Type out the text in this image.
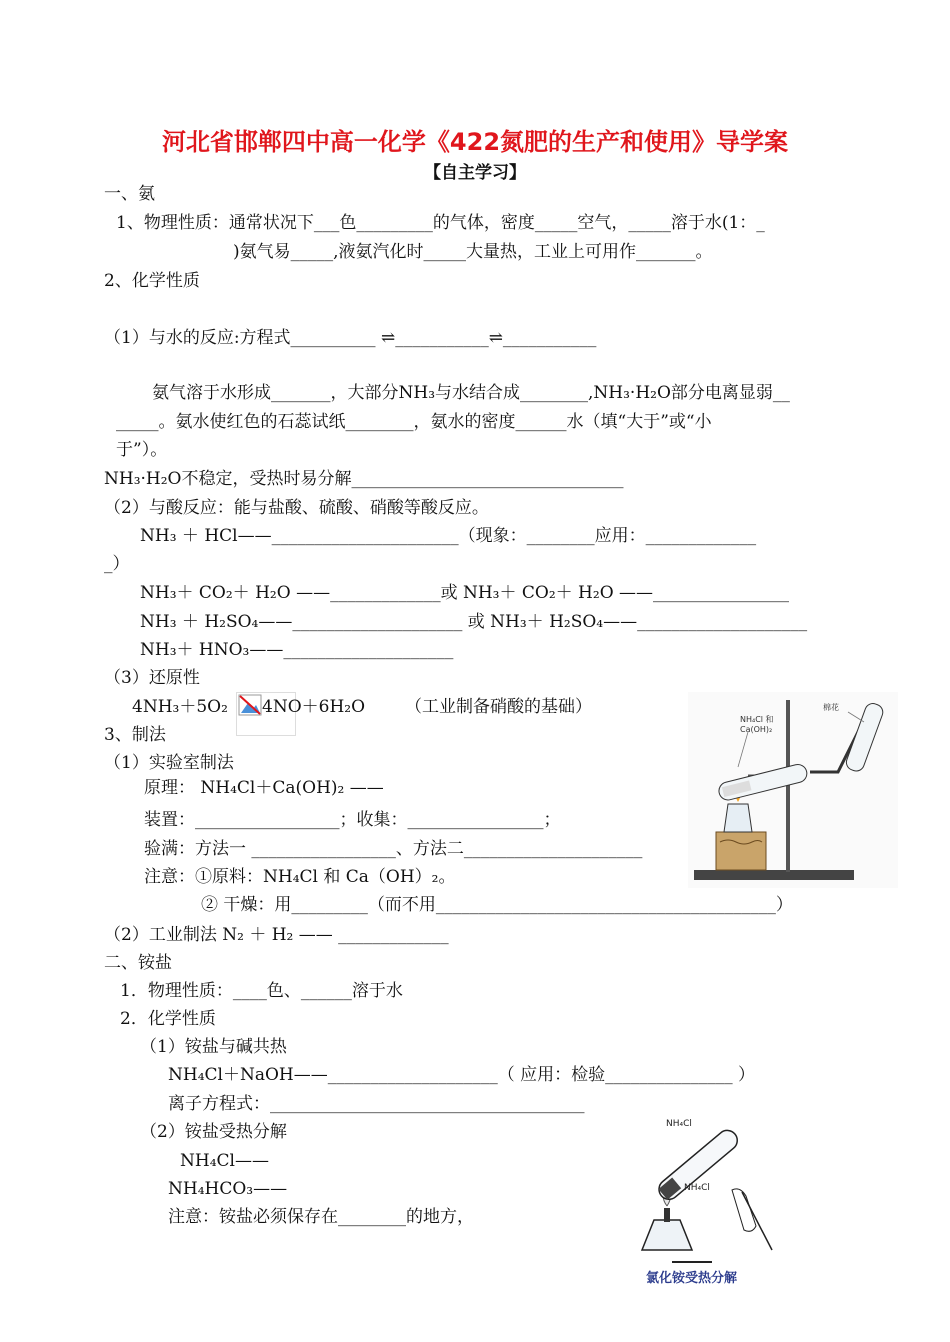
河北省邯郸四中高一化学《422氮肥的生产和使用》导学案
【自主学习】
一、氨
1、物理性质：通常状况下___色_________的气体，密度_____空气，_____溶于水(1：_
)氨气易_____,液氨汽化时_____大量热，工业上可用作_______。
2、化学性质
（1）与水的反应:方程式__________ ⇌___________⇌___________
氨气溶于水形成_______，大部分NH₃与水结合成________,NH₃·H₂O部分电离显弱__
_____。氨水使红色的石蕊试纸________，氨水的密度______水（填“大于”或“小
于”）。
NH₃·H₂O不稳定，受热时易分解________________________________
（2）与酸反应：能与盐酸、硫酸、硝酸等酸反应。
NH₃ ＋ HCl——______________________（现象：________应用：_____________
_）
NH₃＋ CO₂＋ H₂O ——_____________或 NH₃＋ CO₂＋ H₂O ——________________
NH₃ ＋ H₂SO₄——____________________ 或 NH₃＋ H₂SO₄——____________________
NH₃＋ HNO₃——____________________
（3）还原性
4NH₃＋5O₂ 4NO＋6H₂O （工业制备硝酸的基础）
3、制法
（1）实验室制法
原理： NH₄Cl＋Ca(OH)₂ ——
装置：_________________；收集：________________；
验满：方法一 _________________、方法二_____________________
注意：①原料：NH₄Cl 和 Ca（OH）₂。
② 干燥：用_________（而不用________________________________________）
（2）工业制法 N₂ ＋ H₂ —— _____________
二、铵盐
1．物理性质：____色、______溶于水
2．化学性质
（1）铵盐与碱共热
NH₄Cl＋NaOH——____________________（ 应用：检验_______________ ）
离子方程式：_____________________________________
（2）铵盐受热分解
NH₄Cl——
NH₄HCO₃——
注意：铵盐必须保存在________的地方，
NH₄Cl 和
Ca(OH)₂
棉花
NH₄Cl
NH₄Cl
氯化铵受热分解
